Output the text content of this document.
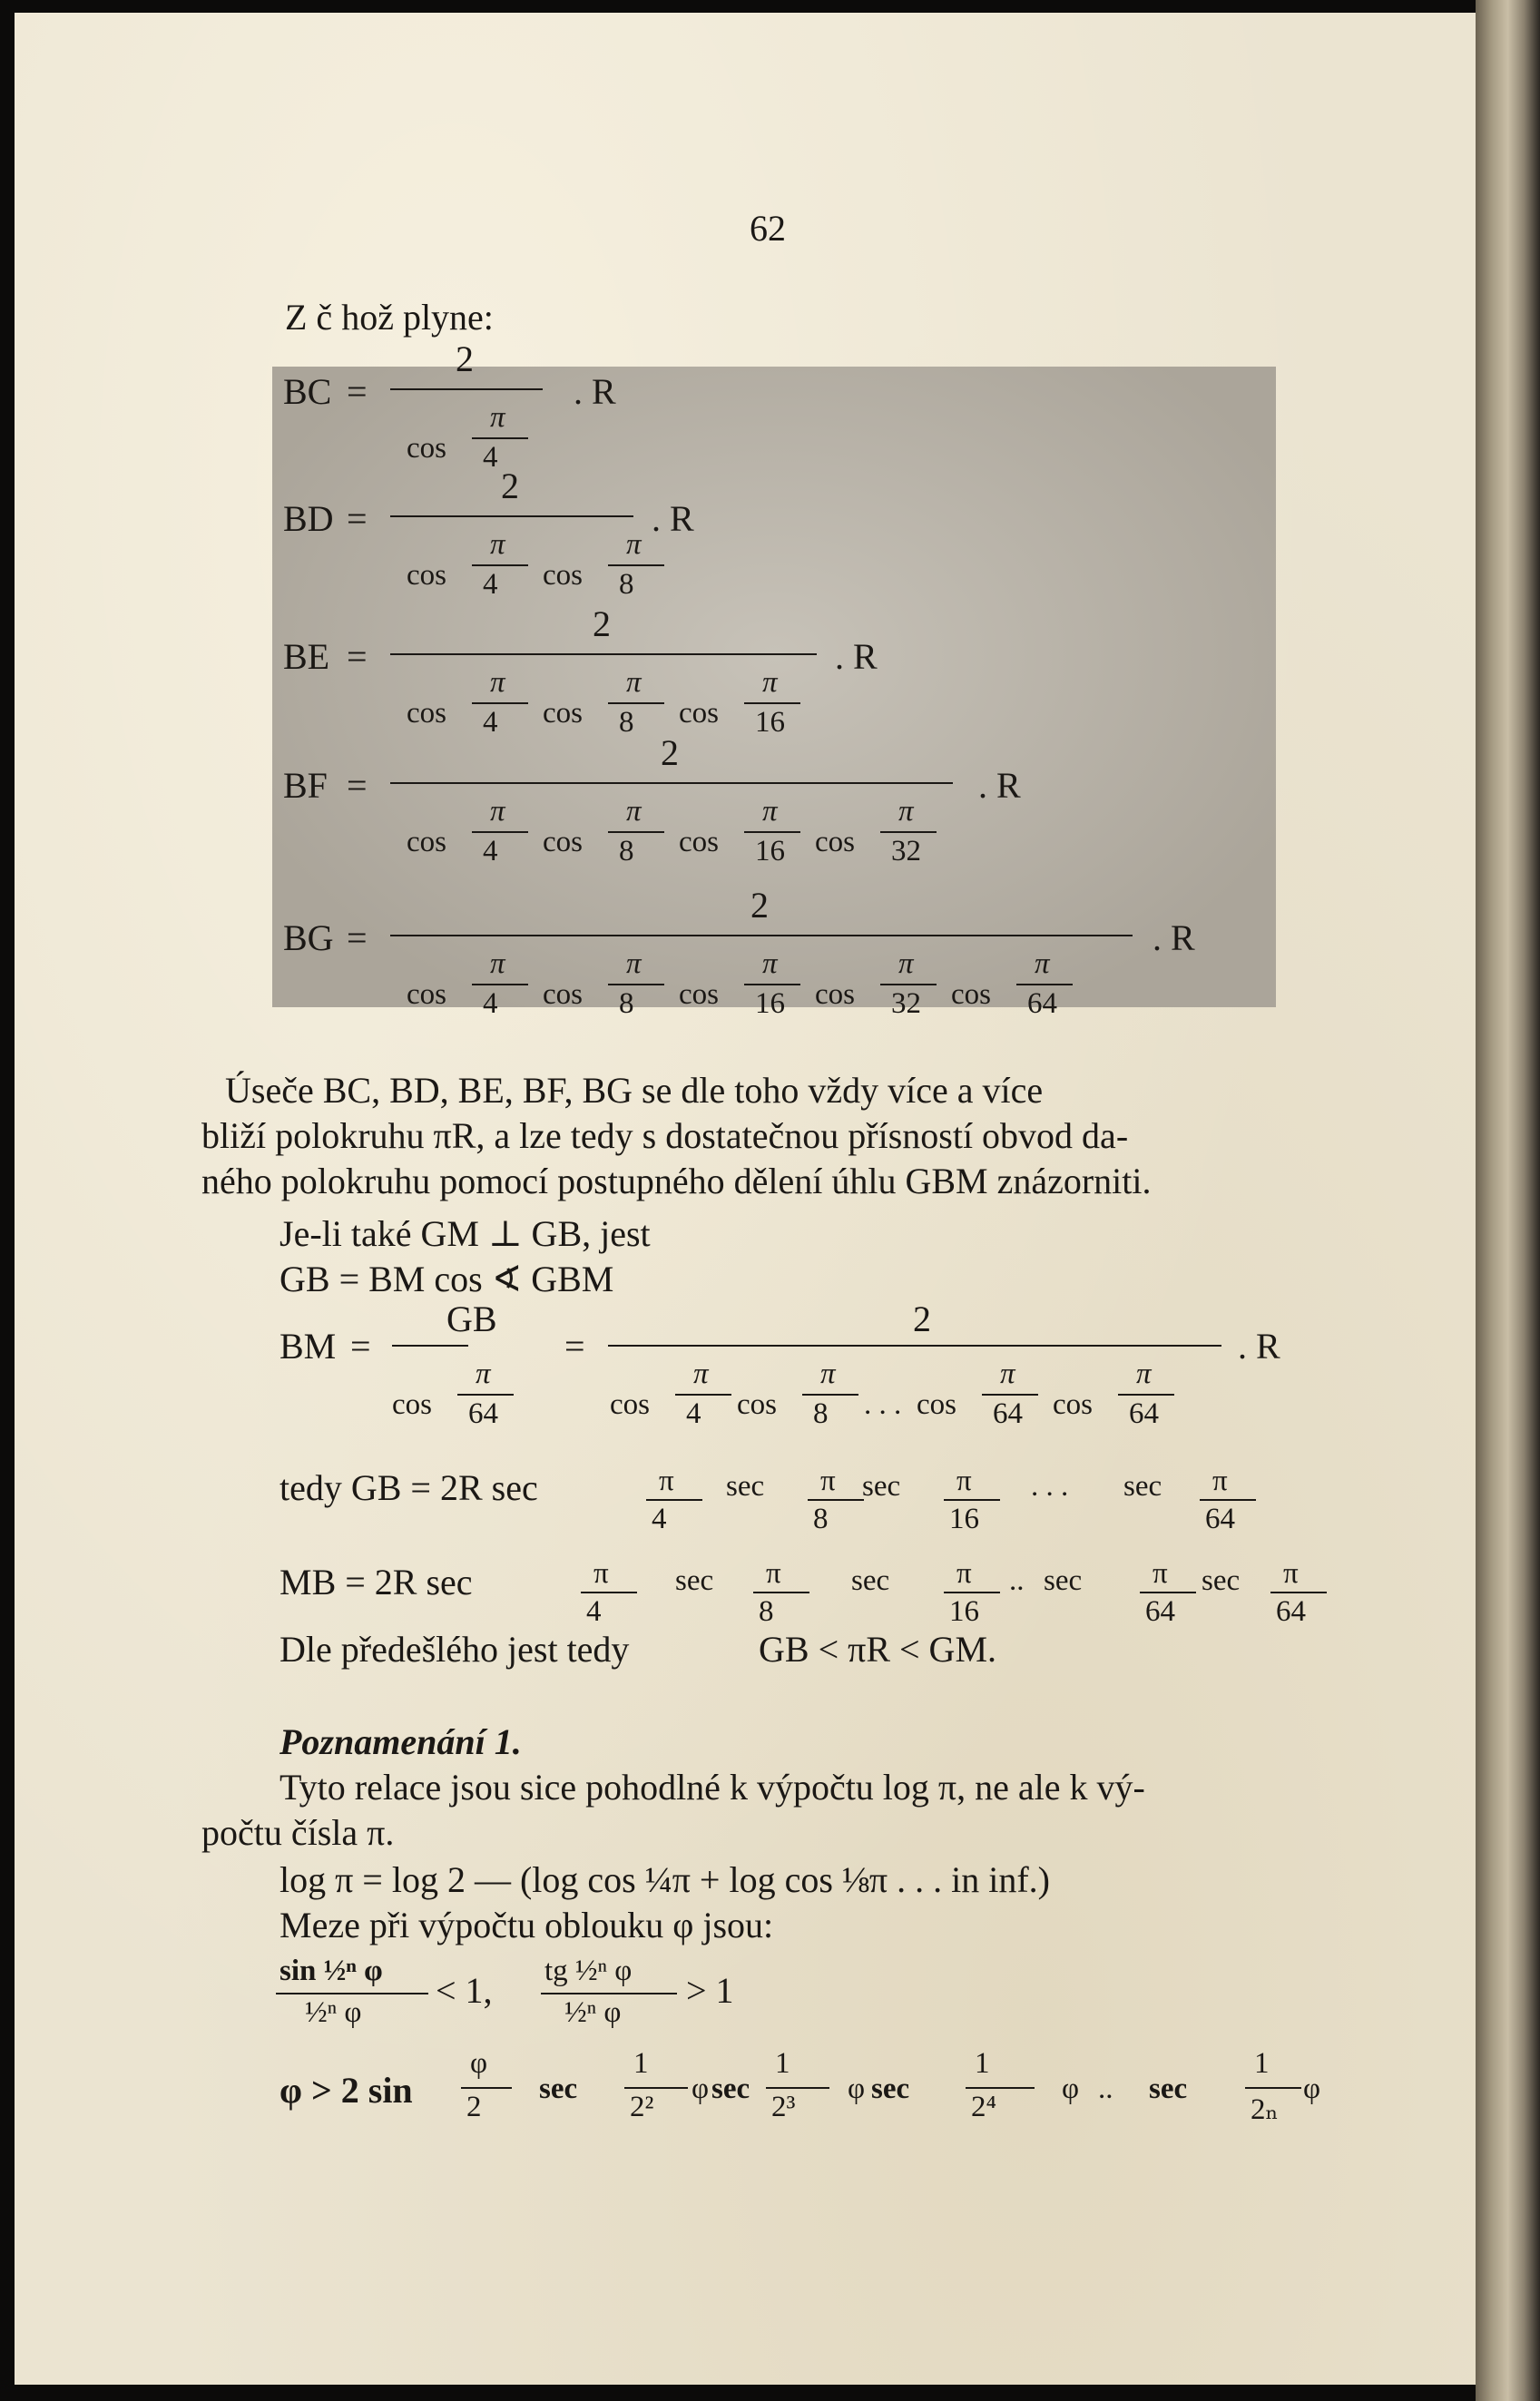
62
Z č hož plyne:
BC =
2
cos
π
4
. R
BD =
2
cos
π
4 cos
π
8
. R
BE =
2
cos
π
4 cos
π
8 cos
π
16
. R
BF =
2
cos
π
4 cos
π
8 cos
π
16 cos
π
32
. R
BG =
2
cos
π
4 cos
π
8 cos
π
16 cos
π
32 cos
π
64
. R
Úseče BC, BD, BE, BF, BG se dle toho vždy více a více
bliží polokruhu πR, a lze tedy s dostatečnou přísností obvod da-
ného polokruhu pomocí postupného dělení úhlu GBM znázorniti.
Je-li také GM ⊥ GB, jest
GB = BM cos ∢ GBM
BM =
GB
cos
π
64
=
2
cos
π
4 cos
π
8 . . . cos
π
64 cos
π
64
. R
tedy GB = 2R sec	π
4
sec π
8
sec π
16
. . . sec π
64
MB = 2R sec	π
4
sec π
8
sec π
16
.. sec π
64
sec π
64
Dle předešlého jest tedy	GB < πR < GM.
Poznamenání 1.
Tyto relace jsou sice pohodlné k výpočtu log π, ne ale k vý-
počtu čísla π.
log π = log 2 — (log cos ¼π + log cos ⅛π . . . in inf.)
Meze při výpočtu oblouku φ jsou:
sin ½ⁿ φ
½ⁿ φ
< 1, tg ½ⁿ φ
½ⁿ φ
> 1
φ > 2 sin
φ
2
sec
1
2²
φ sec
1
2³
φ sec
1
2⁴
φ .. sec
1
2ₙ
φ
